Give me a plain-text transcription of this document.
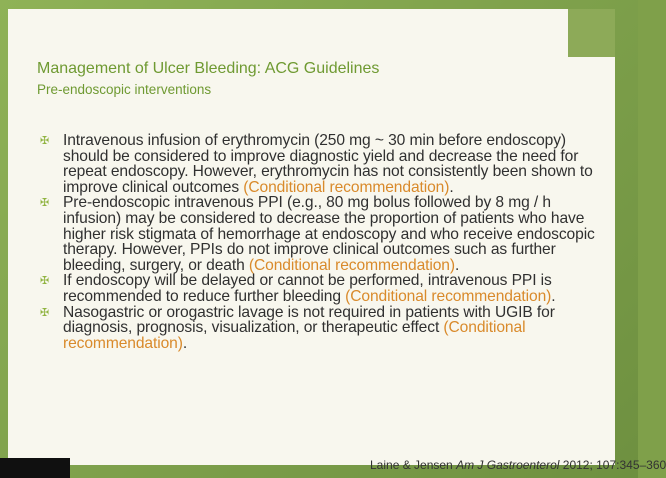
Management of Ulcer Bleeding: ACG Guidelines
Pre-endoscopic interventions
✠ Intravenous infusion of erythromycin (250 mg ~ 30 min before endoscopy) should be considered to improve diagnostic yield and decrease the need for repeat endoscopy. However, erythromycin has not consistently been shown to improve clinical outcomes (Conditional recommendation).
✠ Pre-endoscopic intravenous PPI (e.g., 80 mg bolus followed by 8 mg / h infusion) may be considered to decrease the proportion of patients who have higher risk stigmata of hemorrhage at endoscopy and who receive endoscopic therapy. However, PPIs do not improve clinical outcomes such as further bleeding, surgery, or death (Conditional recommendation).
✠ If endoscopy will be delayed or cannot be performed, intravenous PPI is recommended to reduce further bleeding (Conditional recommendation).
✠ Nasogastric or orogastric lavage is not required in patients with UGIB for diagnosis, prognosis, visualization, or therapeutic effect (Conditional recommendation).

Laine & Jensen Am J Gastroenterol 2012; 107:345–360
